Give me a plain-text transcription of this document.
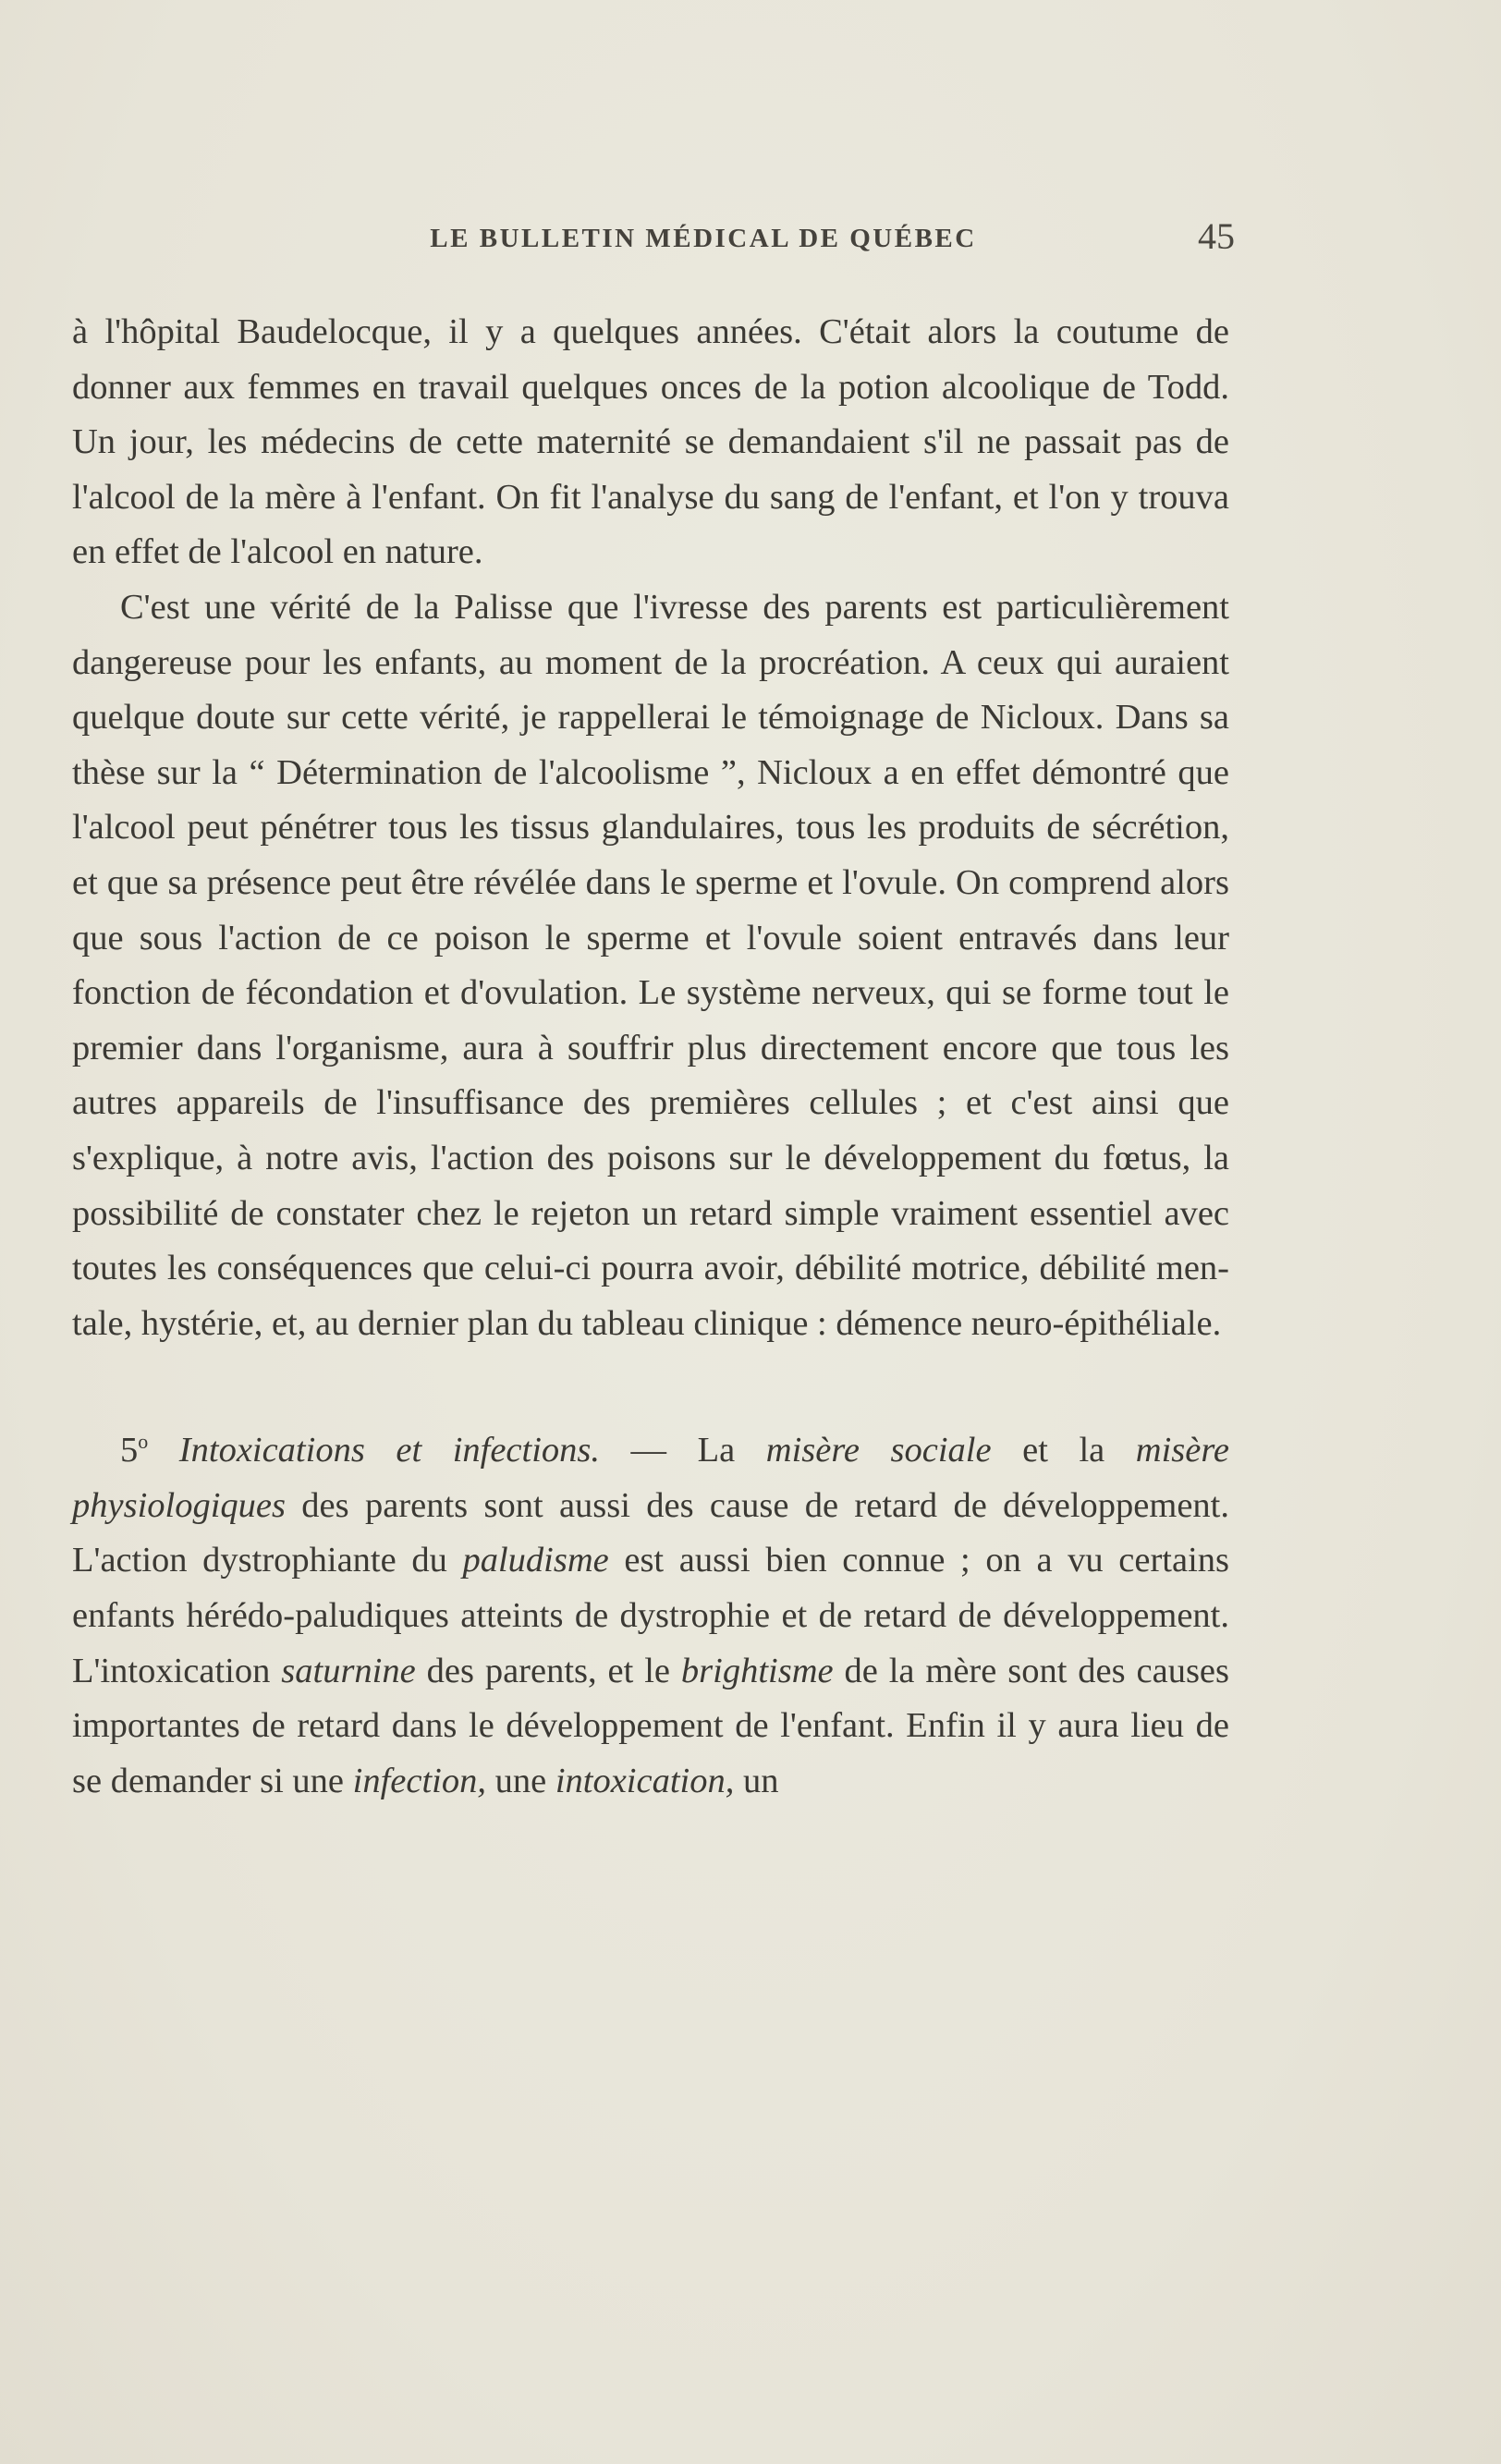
LE BULLETIN MÉDICAL DE QUÉBEC	45

à l'hôpital Baudelocque, il y a quelques années. C'était alors la coutume de donner aux femmes en travail quelques onces de la potion alcoolique de Todd. Un jour, les médecins de cette maternité se demandaient s'il ne passait pas de l'alcool de la mère à l'enfant. On fit l'analyse du sang de l'enfant, et l'on y trouva en effet de l'alcool en nature.

C'est une vérité de la Palisse que l'ivresse des parents est particulièrement dangereuse pour les enfants, au moment de la procréation. A ceux qui auraient quelque doute sur cette vérité, je rappellerai le témoignage de Nicloux. Dans sa thèse sur la “ Détermination de l'alcoolisme ”, Nicloux a en effet démontré que l'alcool peut pénétrer tous les tissus glandulaires, tous les produits de sécrétion, et que sa présence peut être révélée dans le sperme et l'ovule. On comprend alors que sous l'action de ce poison le sperme et l'ovule soient entravés dans leur fonction de fécondation et d'ovulation. Le système nerveux, qui se forme tout le premier dans l'organisme, aura à souffrir plus directement encore que tous les autres appareils de l'insuffisance des premières cellules ; et c'est ainsi que s'explique, à notre avis, l'action des poisons sur le développement du fœtus, la possibilité de constater chez le rejeton un retard simple vraiment essentiel avec toutes les conséquences que celui-ci pourra avoir, débilité motrice, débilité mentale, hystérie, et, au dernier plan du tableau clinique : démence neuro-épithéliale.

5$^o$ Intoxications et infections. — La misère sociale et la misère physiologiques des parents sont aussi des cause de retard de développement. L'action dystrophiante du paludisme est aussi bien connue ; on a vu certains enfants hérédo-paludiques atteints de dystrophie et de retard de développement. L'intoxication saturnine des parents, et le brightisme de la mère sont des causes importantes de retard dans le développement de l'enfant. Enfin il y aura lieu de se demander si une infection, une intoxication, un
